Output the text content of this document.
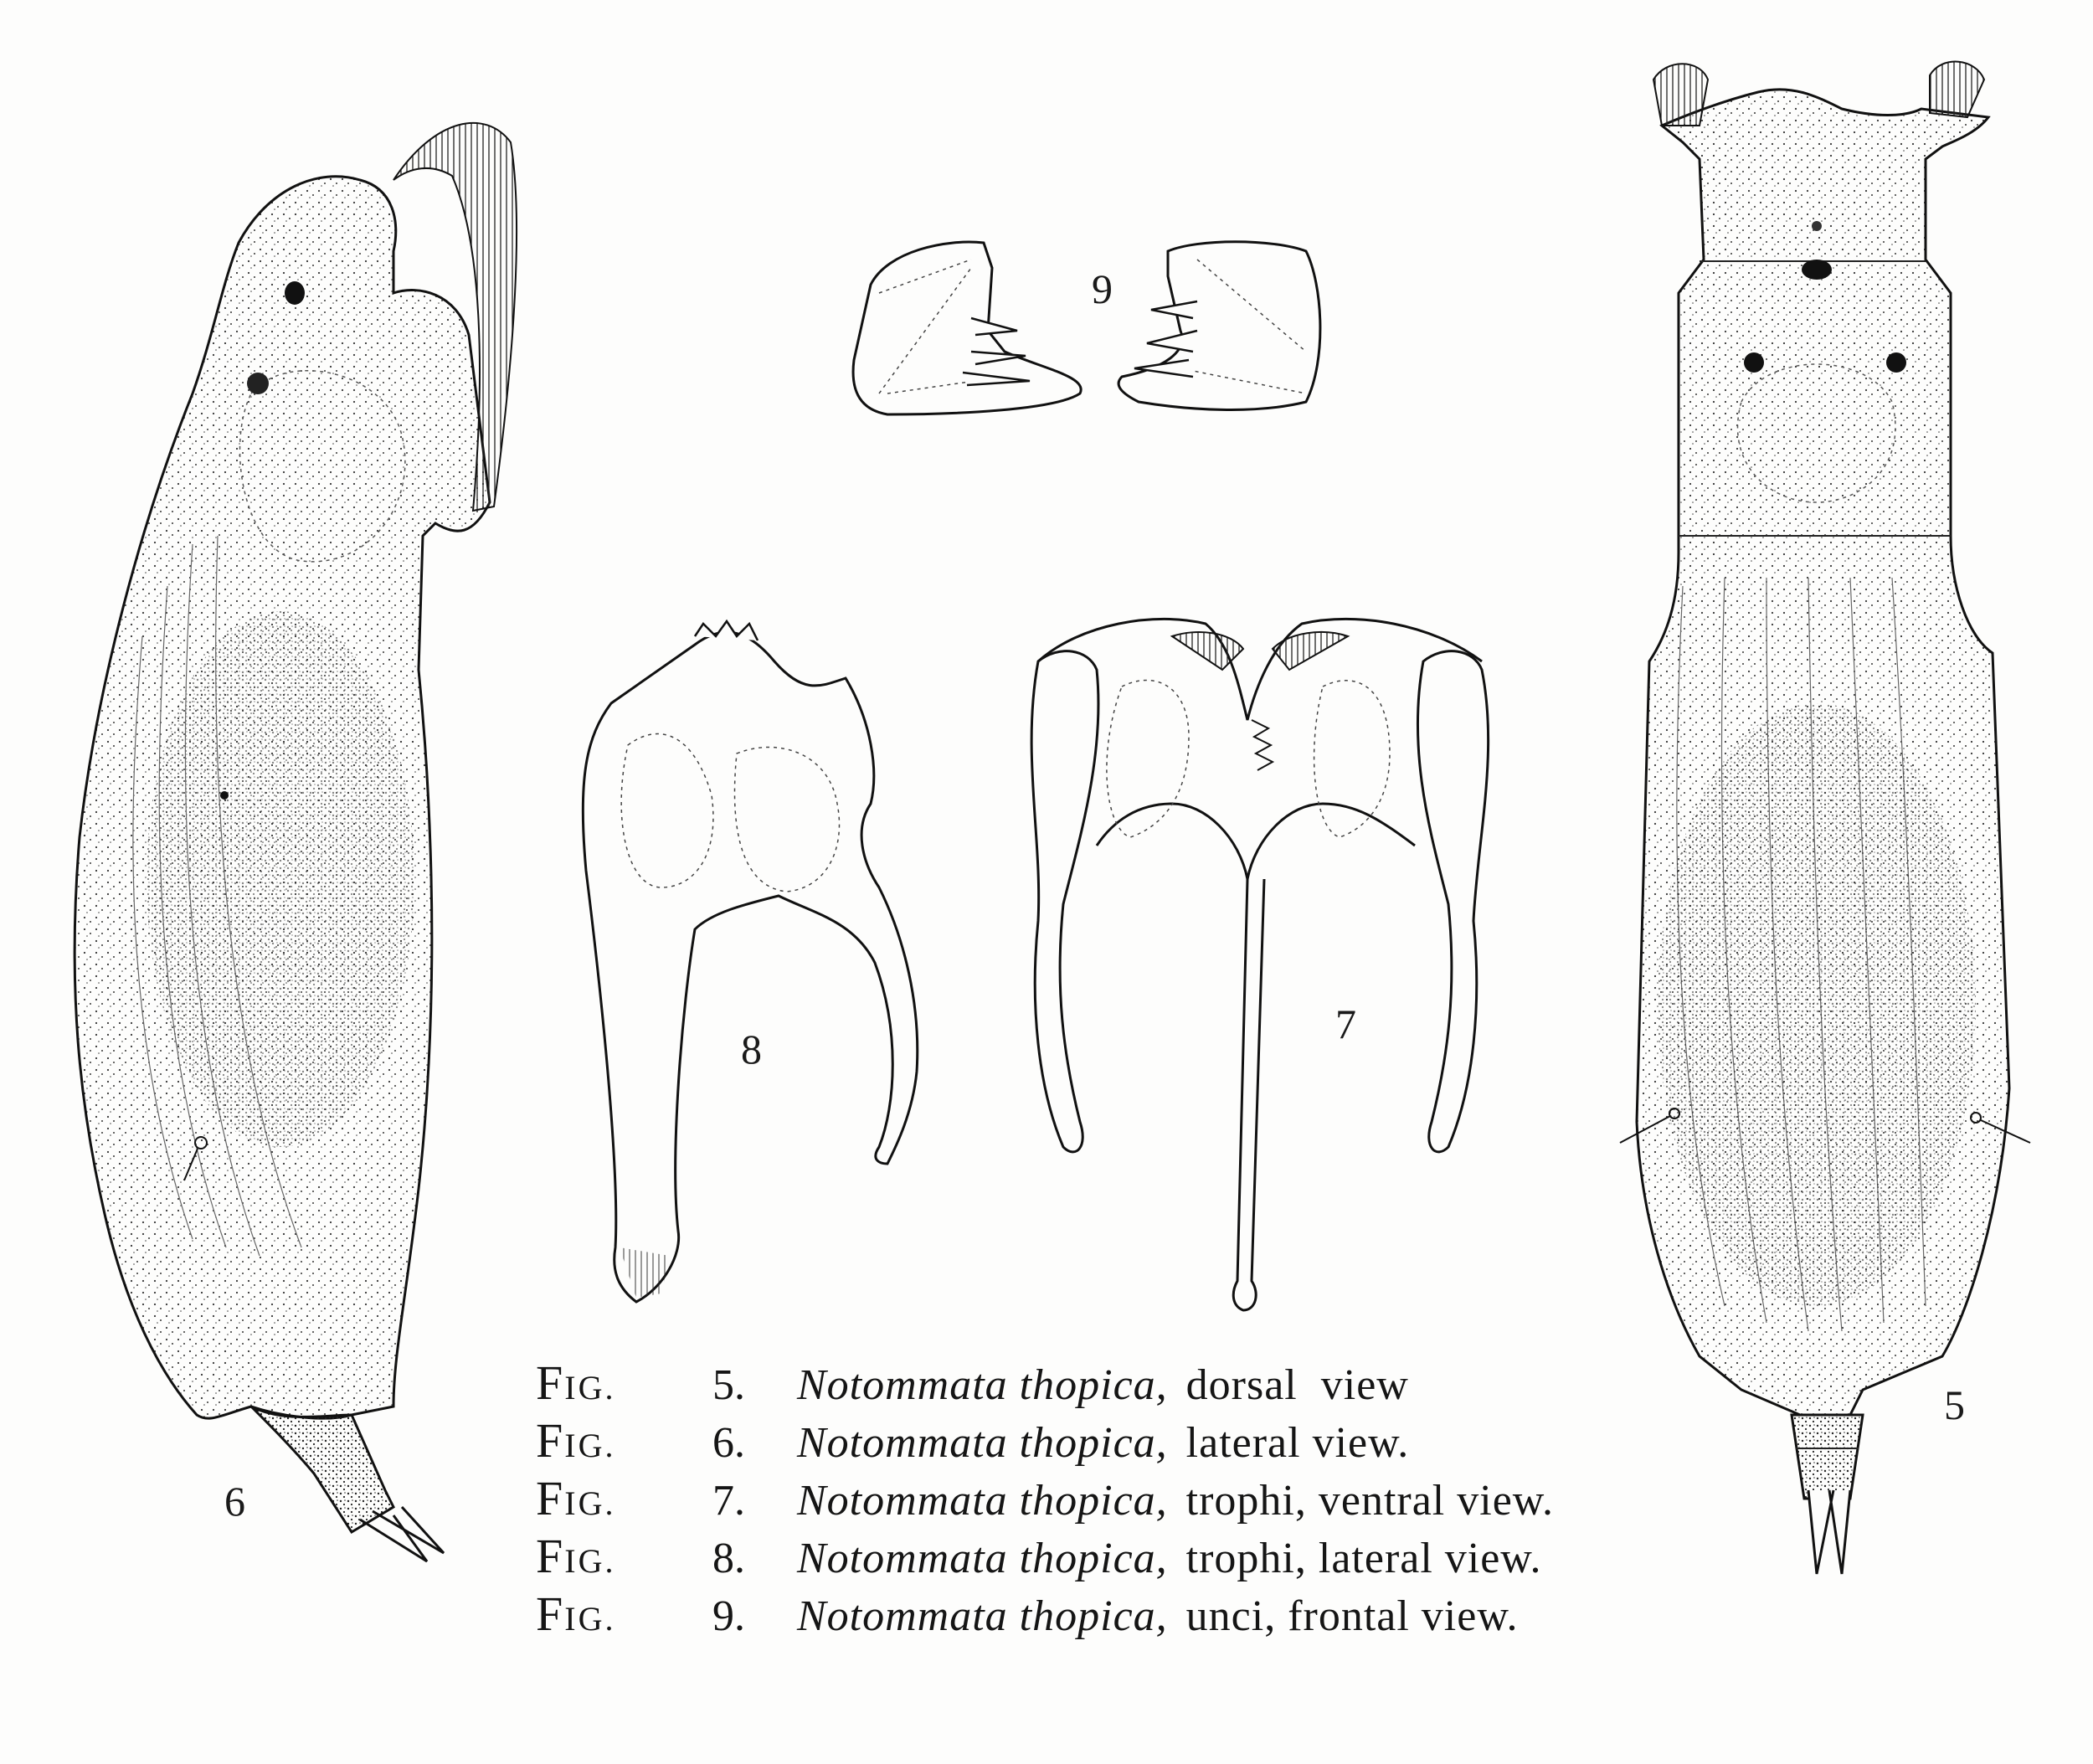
9
8
7
6
5
FIG.	5. Notommata thopica, dorsal  view
FIG.	6. Notommata thopica, lateral view.
FIG.	7. Notommata thopica, trophi, ventral view.
FIG.	8. Notommata thopica, trophi, lateral view.
FIG.	9. Notommata thopica, unci, frontal view.
